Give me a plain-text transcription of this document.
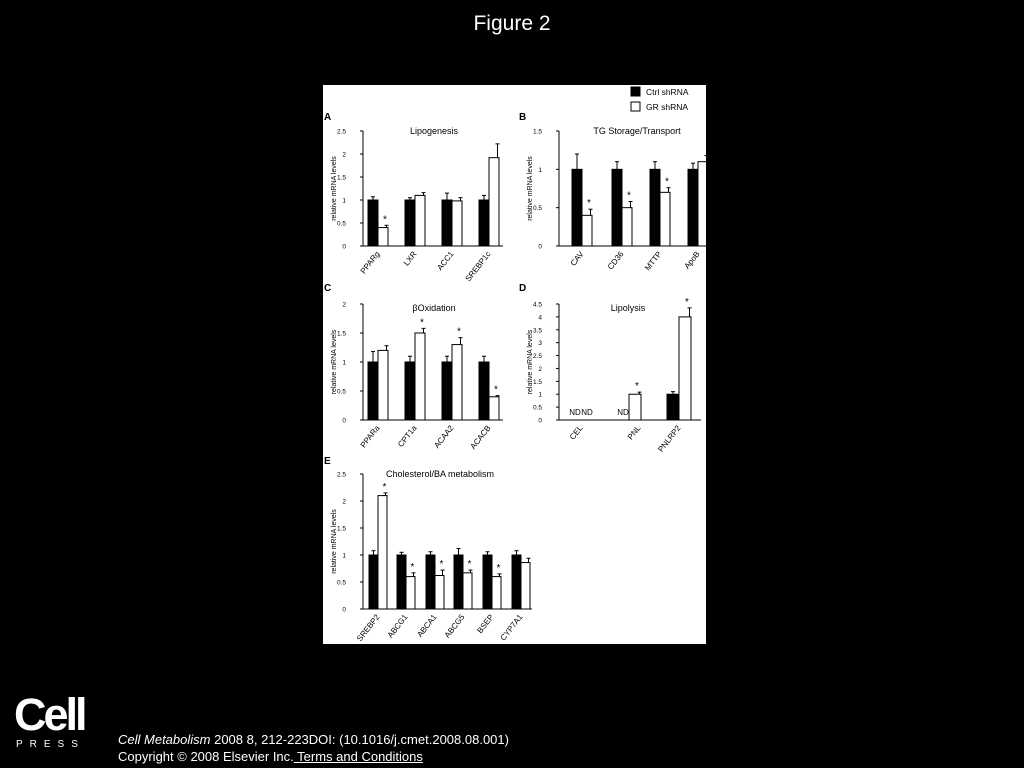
Figure 2
Ctrl shRNA
GR shRNA
A
Lipogenesis
0
0.5
1
1.5
2
2.5
relative mRNA levels	*
PPARg	LXR ACC1 SREBP1c
B
TG Storage/Transport
0
0.5
1
1.5
relative mRNA levels	*
CAV
*
CD36
*
MTTP ApoB
C
βOxidation
0
0.5
1
1.5
2
relative mRNA levels
PPARa
*
CPT1a
*
ACAA2
*
ACACB
D
Lipolysis
0
0.5
1
1.5
2
2.5
3
3.5
4
4.5
relative mRNA levels
ND ND
CEL
ND
*
PNL
*
PNLRP2
E
Cholesterol/BA metabolism
0
0.5
1
1.5
2
2.5
relative mRNA levels
*
SREBP2
*
ABCG1
*
ABCA1
*
ABCG5
*
BSEP CYP7A1
Cell
PRESS	Cell Metabolism 2008 8, 212-223DOI: (10.1016/j.cmet.2008.08.001)
Copyright © 2008 Elsevier Inc. Terms and Conditions
